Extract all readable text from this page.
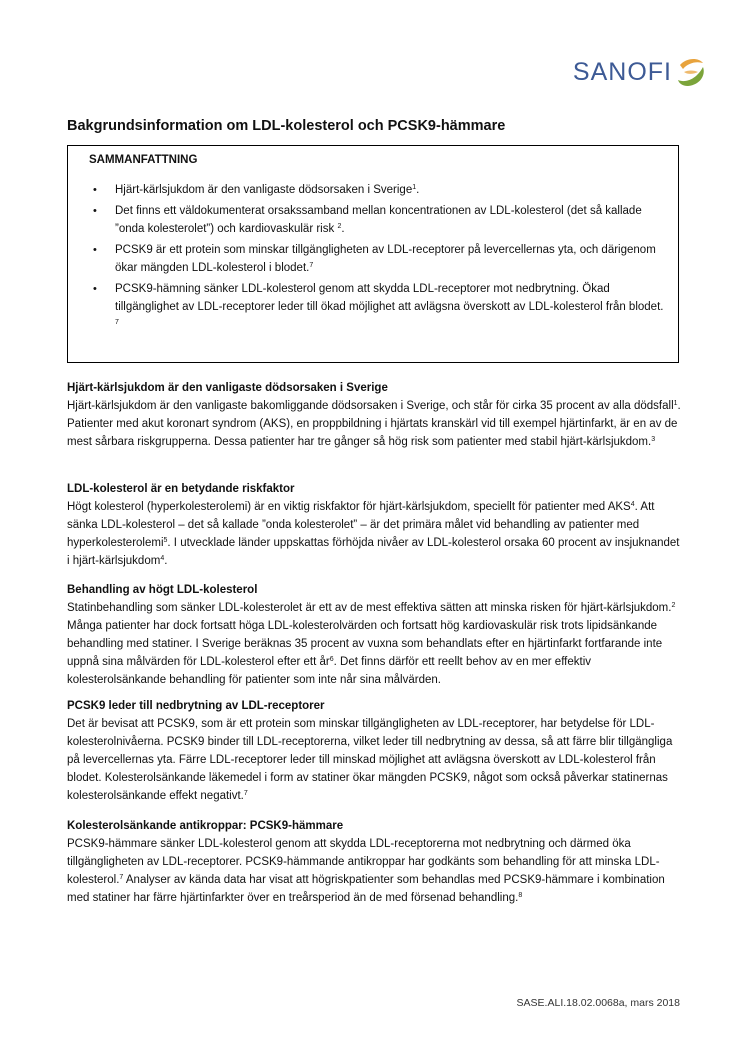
SANOFI
Bakgrundsinformation om LDL-kolesterol och PCSK9-hämmare
SAMMANFATTNING
• Hjärt-kärlsjukdom är den vanligaste dödsorsaken i Sverige$^1$.
• Det finns ett väldokumenterat orsakssamband mellan koncentrationen av LDL-kolesterol (det så kallade ”onda kolesterolet”) och kardiovaskulär risk $^2$.
• PCSK9 är ett protein som minskar tillgängligheten av LDL-receptorer på levercellernas yta, och därigenom ökar mängden LDL-kolesterol i blodet.$^7$
• PCSK9-hämning sänker LDL-kolesterol genom att skydda LDL-receptorer mot nedbrytning. Ökad tillgänglighet av LDL-receptorer leder till ökad möjlighet att avlägsna överskott av LDL-kolesterol från blodet. $^7$
Hjärt-kärlsjukdom är den vanligaste dödsorsaken i Sverige

Hjärt-kärlsjukdom är den vanligaste bakomliggande dödsorsaken i Sverige, och står för cirka 35 procent av alla dödsfall$^1$. Patienter med akut koronart syndrom (AKS), en proppbildning i hjärtats kranskärl vid till exempel hjärtinfarkt, är en av de mest sårbara riskgrupperna. Dessa patienter har tre gånger så hög risk som patienter med stabil hjärt-kärlsjukdom.$^3$

LDL-kolesterol är en betydande riskfaktor

Högt kolesterol (hyperkolesterolemi) är en viktig riskfaktor för hjärt-kärlsjukdom, speciellt för patienter med AKS$^4$. Att sänka LDL-kolesterol – det så kallade ”onda kolesterolet” – är det primära målet vid behandling av patienter med hyperkolesterolemi$^5$. I utvecklade länder uppskattas förhöjda nivåer av LDL-kolesterol orsaka 60 procent av insjuknandet i hjärt-kärlsjukdom$^4$.

Behandling av högt LDL-kolesterol

Statinbehandling som sänker LDL-kolesterolet är ett av de mest effektiva sätten att minska risken för hjärt-kärlsjukdom.$^2$ Många patienter har dock fortsatt höga LDL-kolesterolvärden och fortsatt hög kardiovaskulär risk trots lipidsänkande behandling med statiner. I Sverige beräknas 35 procent av vuxna som behandlats efter en hjärtinfarkt fortfarande inte uppnå sina målvärden för LDL-kolesterol efter ett $år^6$. Det finns därför ett reellt behov av en mer effektiv kolesterolsänkande behandling för patienter som inte når sina målvärden.

PCSK9 leder till nedbrytning av LDL-receptorer

Det är bevisat att PCSK9, som är ett protein som minskar tillgängligheten av LDL-receptorer, har betydelse för LDL-kolesterolnivåerna. PCSK9 binder till LDL-receptorerna, vilket leder till nedbrytning av dessa, så att färre blir tillgängliga på levercellernas yta. Färre LDL-receptorer leder till minskad möjlighet att avlägsna överskott av LDL-kolesterol från blodet. Kolesterolsänkande läkemedel i form av statiner ökar mängden PCSK9, något som också påverkar statinernas kolesterolsänkande effekt negativt.$^7$

Kolesterolsänkande antikroppar: PCSK9-hämmare

PCSK9-hämmare sänker LDL-kolesterol genom att skydda LDL-receptorerna mot nedbrytning och därmed öka tillgängligheten av LDL-receptorer. PCSK9-hämmande antikroppar har godkänts som behandling för att minska LDL-kolesterol.$^7$ Analyser av kända data har visat att högriskpatienter som behandlas med PCSK9-hämmare i kombination med statiner har färre hjärtinfarkter över en treårsperiod än de med försenad behandling.$^8$

SASE.ALI.18.02.0068a, mars 2018
